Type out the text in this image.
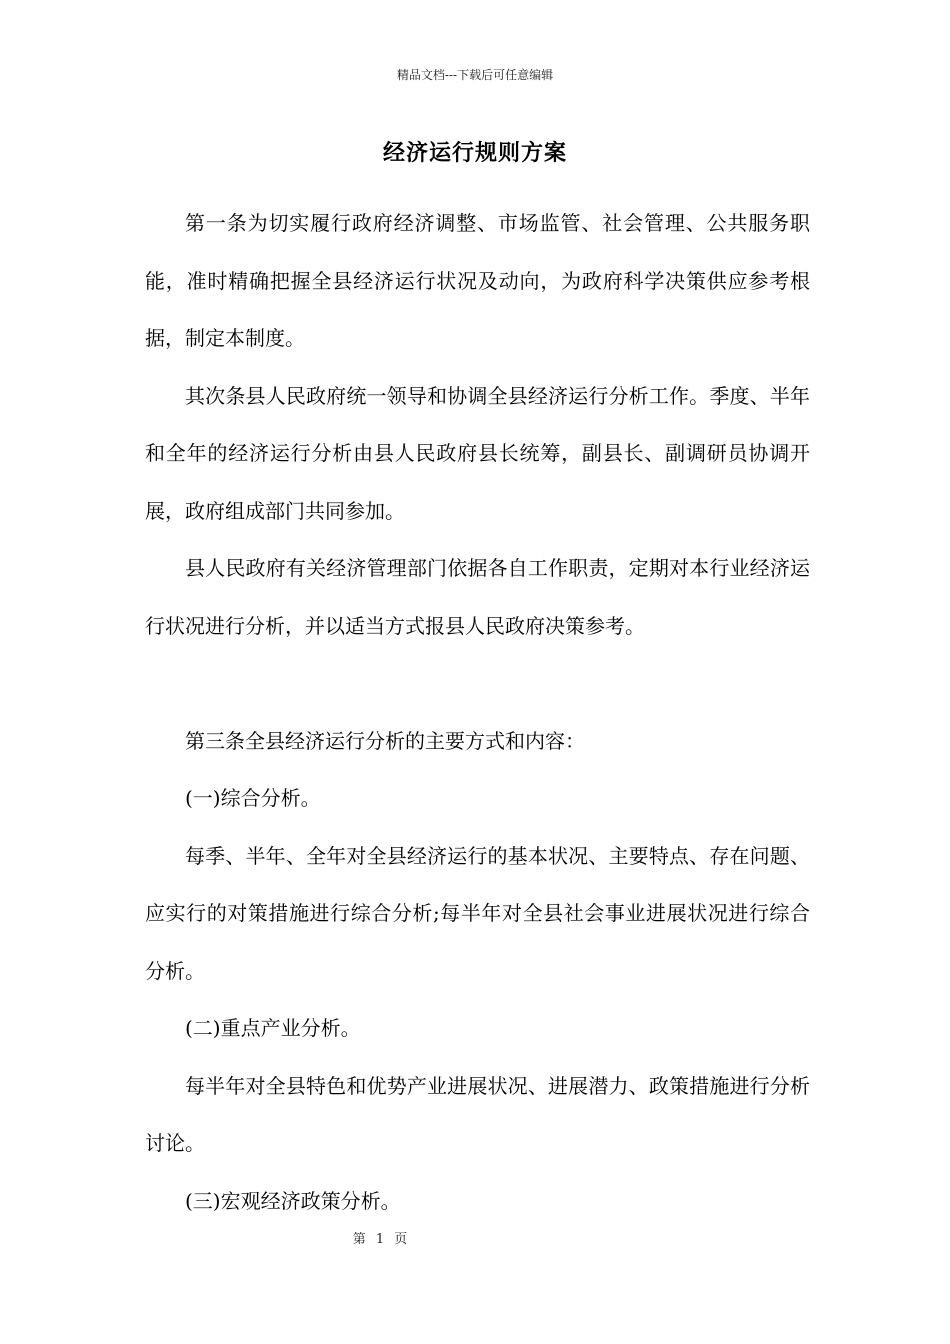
精品文档---下载后可任意编辑
经济运行规则方案

第一条为切实履行政府经济调整、市场监管、社会管理、公共服务职能，准时精确把握全县经济运行状况及动向，为政府科学决策供应参考根据，制定本制度。

其次条县人民政府统一领导和协调全县经济运行分析工作。季度、半年和全年的经济运行分析由县人民政府县长统筹，副县长、副调研员协调开展，政府组成部门共同参加。

县人民政府有关经济管理部门依据各自工作职责，定期对本行业经济运行状况进行分析，并以适当方式报县人民政府决策参考。

第三条全县经济运行分析的主要方式和内容：

(一)综合分析。

每季、半年、全年对全县经济运行的基本状况、主要特点、存在问题、应实行的对策措施进行综合分析;每半年对全县社会事业进展状况进行综合分析。

(二)重点产业分析。

每半年对全县特色和优势产业进展状况、进展潜力、政策措施进行分析讨论。

(三)宏观经济政策分析。

第 1 页
